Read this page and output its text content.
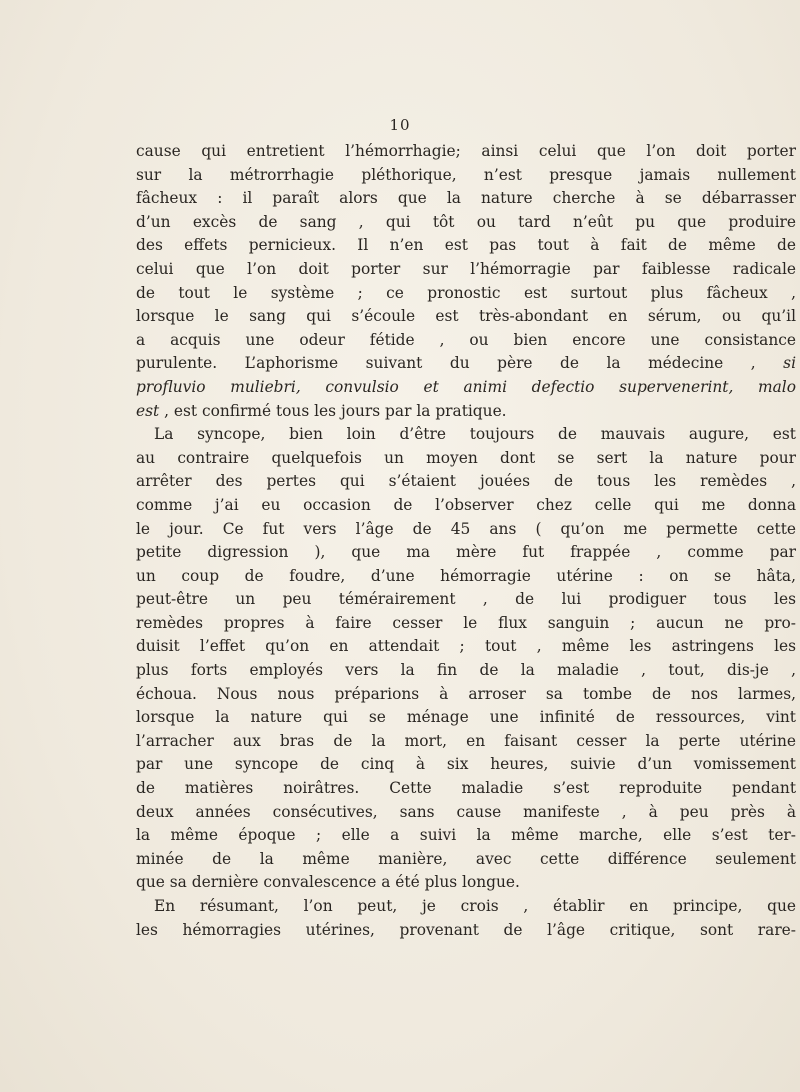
10
cause qui entretient l’hémorrhagie; ainsi celui que l’on doit porter
sur la métrorrhagie pléthorique, n’est presque jamais nullement
fâcheux : il paraît alors que la nature cherche à se débarrasser
d’un excès de sang , qui tôt ou tard n’eût pu que produire
des effets pernicieux. Il n’en est pas tout à fait de même de
celui que l’on doit porter sur l’hémorragie par faiblesse radicale
de tout le système ; ce pronostic est surtout plus fâcheux ,
lorsque le sang qui s’écoule est très-abondant en sérum, ou qu’il
a acquis une odeur fétide , ou bien encore une consistance
purulente. L’aphorisme suivant du père de la médecine , si
profluvio muliebri, convulsio et animi defectio supervenerint, malo
est , est confirmé tous les jours par la pratique.
La syncope, bien loin d’être toujours de mauvais augure, est
au contraire quelquefois un moyen dont se sert la nature pour
arrêter des pertes qui s’étaient jouées de tous les remèdes ,
comme j’ai eu occasion de l’observer chez celle qui me donna
le jour. Ce fut vers l’âge de 45 ans ( qu’on me permette cette
petite digression ), que ma mère fut frappée , comme par
un coup de foudre, d’une hémorragie utérine : on se hâta,
peut-être un peu témérairement , de lui prodiguer tous les
remèdes propres à faire cesser le flux sanguin ; aucun ne pro-
duisit l’effet qu’on en attendait ; tout , même les astringens les
plus forts employés vers la fin de la maladie , tout, dis-je ,
échoua. Nous nous préparions à arroser sa tombe de nos larmes,
lorsque la nature qui se ménage une infinité de ressources, vint
l’arracher aux bras de la mort, en faisant cesser la perte utérine
par une syncope de cinq à six heures, suivie d’un vomissement
de matières noirâtres. Cette maladie s’est reproduite pendant
deux années consécutives, sans cause manifeste , à peu près à
la même époque ; elle a suivi la même marche, elle s’est ter-
minée de la même manière, avec cette différence seulement
que sa dernière convalescence a été plus longue.
En résumant, l’on peut, je crois , établir en principe, que
les hémorragies utérines, provenant de l’âge critique, sont rare-
